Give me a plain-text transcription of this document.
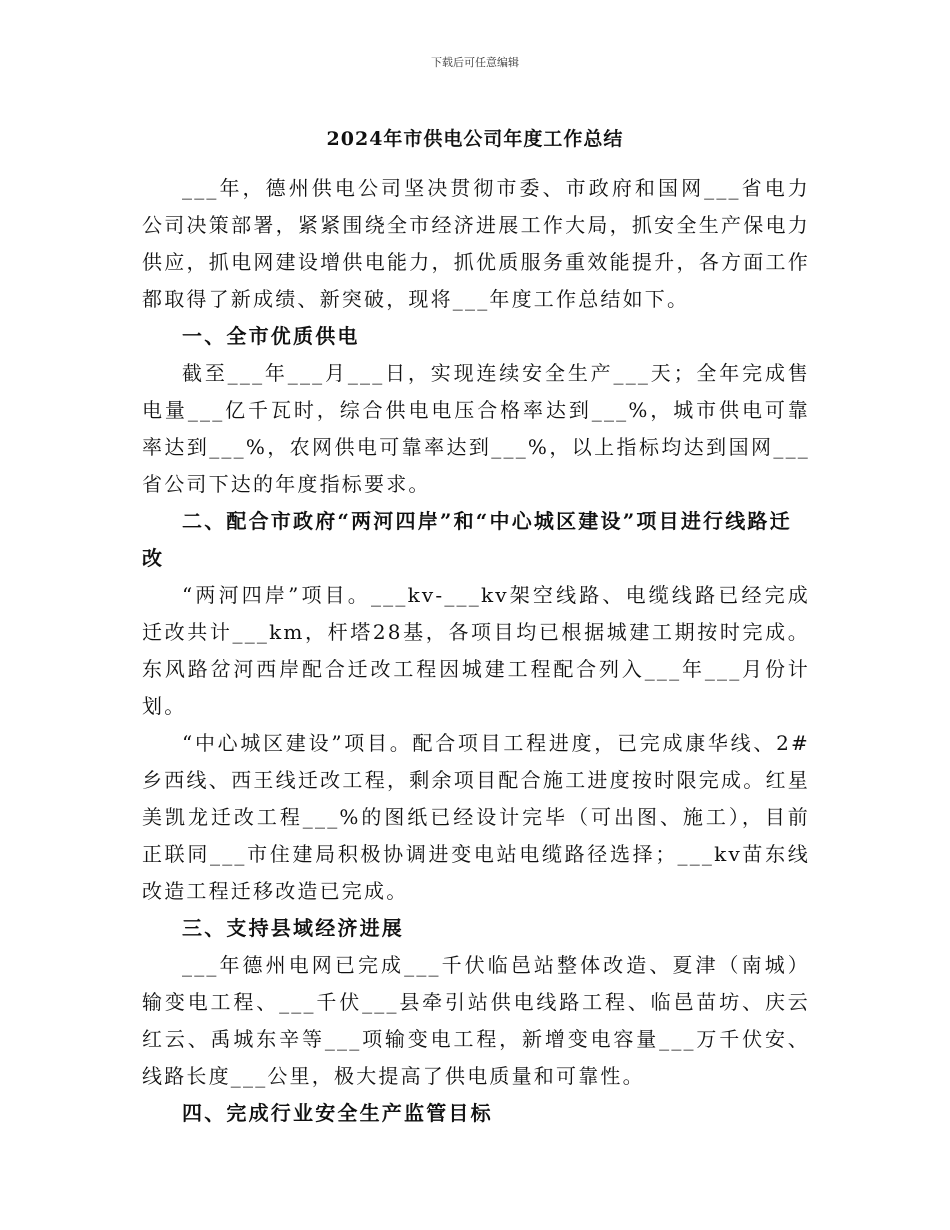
下载后可任意编辑
2024年市供电公司年度工作总结

___年，德州供电公司坚决贯彻市委、市政府和国网___省电力公司决策部署，紧紧围绕全市经济进展工作大局，抓安全生产保电力供应，抓电网建设增供电能力，抓优质服务重效能提升，各方面工作都取得了新成绩、新突破，现将___年度工作总结如下。

一、全市优质供电

截至___年___月___日，实现连续安全生产___天；全年完成售电量___亿千瓦时，综合供电电压合格率达到___%，城市供电可靠率达到___%，农网供电可靠率达到___%，以上指标均达到国网___省公司下达的年度指标要求。

二、配合市政府“两河四岸”和“中心城区建设”项目进行线路迁改

“两河四岸”项目。___kv-___kv架空线路、电缆线路已经完成迁改共计___km，杆塔28基，各项目均已根据城建工期按时完成。东风路岔河西岸配合迁改工程因城建工程配合列入___年___月份计划。

“中心城区建设”项目。配合项目工程进度，已完成康华线、2#乡西线、西王线迁改工程，剩余项目配合施工进度按时限完成。红星美凯龙迁改工程___%的图纸已经设计完毕（可出图、施工），目前正联同___市住建局积极协调进变电站电缆路径选择；___kv苗东线改造工程迁移改造已完成。

三、支持县域经济进展

___年德州电网已完成___千伏临邑站整体改造、夏津（南城）输变电工程、___千伏___县牵引站供电线路工程、临邑苗坊、庆云红云、禹城东辛等___项输变电工程，新增变电容量___万千伏安、线路长度___公里，极大提高了供电质量和可靠性。

四、完成行业安全生产监管目标
